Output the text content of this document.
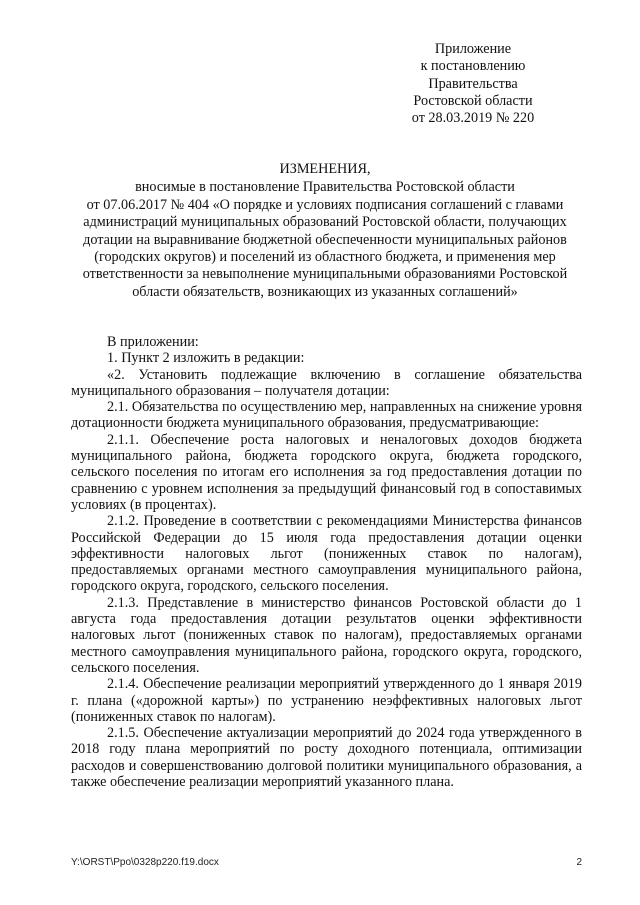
Приложение
к постановлению
Правительства
Ростовской области
от 28.03.2019 № 220
ИЗМЕНЕНИЯ,
вносимые в постановление Правительства Ростовской области
от 07.06.2017 № 404 «О порядке и условиях подписания соглашений с главами
администраций муниципальных образований Ростовской области, получающих
дотации на выравнивание бюджетной обеспеченности муниципальных районов
(городских округов) и поселений из областного бюджета, и применения мер
ответственности за невыполнение муниципальными образованиями Ростовской
области обязательств, возникающих из указанных соглашений»

В приложении:

1. Пункт 2 изложить в редакции:

«2. Установить подлежащие включению в соглашение обязательства муниципального образования – получателя дотации:

2.1. Обязательства по осуществлению мер, направленных на снижение уровня дотационности бюджета муниципального образования, предусматривающие:

2.1.1. Обеспечение роста налоговых и неналоговых доходов бюджета муниципального района, бюджета городского округа, бюджета городского, сельского поселения по итогам его исполнения за год предоставления дотации по сравнению с уровнем исполнения за предыдущий финансовый год в сопоставимых условиях (в процентах).

2.1.2. Проведение в соответствии с рекомендациями Министерства финансов Российской Федерации до 15 июля года предоставления дотации оценки эффективности налоговых льгот (пониженных ставок по налогам), предоставляемых органами местного самоуправления муниципального района, городского округа, городского, сельского поселения.

2.1.3. Представление в министерство финансов Ростовской области до 1 августа года предоставления дотации результатов оценки эффективности налоговых льгот (пониженных ставок по налогам), предоставляемых органами местного самоуправления муниципального района, городского округа, городского, сельского поселения.

2.1.4. Обеспечение реализации мероприятий утвержденного до 1 января 2019 г. плана («дорожной карты») по устранению неэффективных налоговых льгот (пониженных ставок по налогам).

2.1.5. Обеспечение актуализации мероприятий до 2024 года утвержденного в 2018 году плана мероприятий по росту доходного потенциала, оптимизации расходов и совершенствованию долговой политики муниципального образования, а также обеспечение реализации мероприятий указанного плана.

Y:\ORST\Ppo\0328p220.f19.docx	2
